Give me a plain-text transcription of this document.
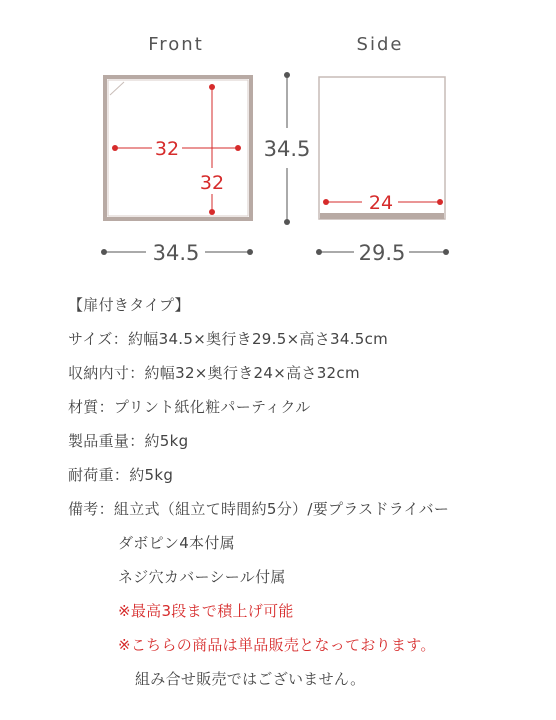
Front	Side
32
32
34.5
34.5
24
29.5
【扉付きタイプ】
サイズ：約幅34.5×奥行き29.5×高さ34.5cm
収納内寸：約幅32×奥行き24×高さ32cm
材質：プリント紙化粧パーティクル
製品重量：約5kg
耐荷重：約5kg
備考：組立式（組立て時間約5分）/要プラスドライバー
ダボピン4本付属
ネジ穴カバーシール付属
※最高3段まで積上げ可能
※こちらの商品は単品販売となっております。
組み合せ販売ではございません。
